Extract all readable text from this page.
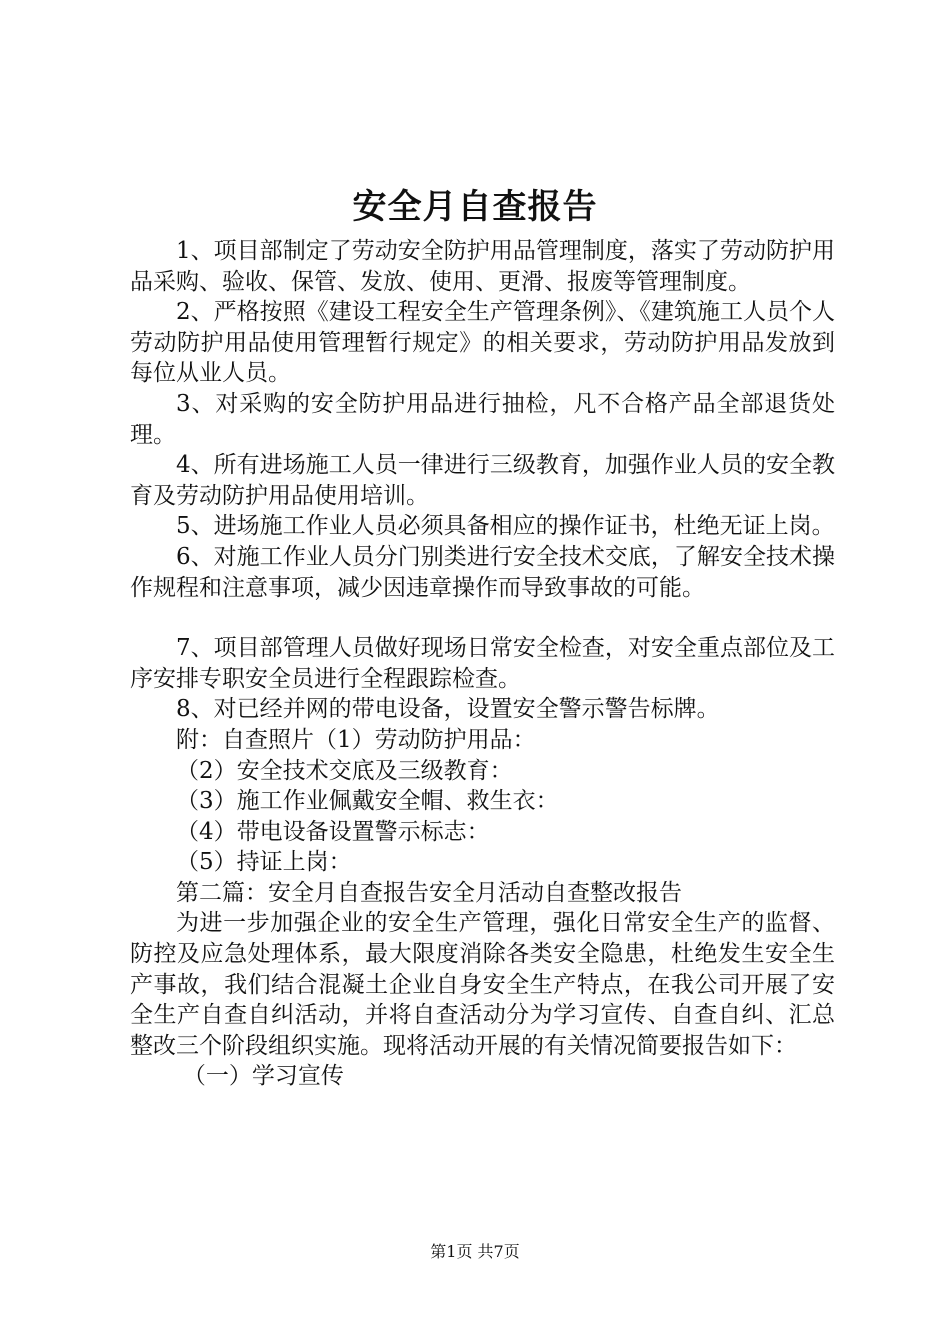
安全月自查报告

1、项目部制定了劳动安全防护用品管理制度，落实了劳动防护用品采购、验收、保管、发放、使用、更滑、报废等管理制度。

2、严格按照《建设工程安全生产管理条例》、《建筑施工人员个人劳动防护用品使用管理暂行规定》的相关要求，劳动防护用品发放到每位从业人员。

3、对采购的安全防护用品进行抽检，凡不合格产品全部退货处理。

4、所有进场施工人员一律进行三级教育，加强作业人员的安全教育及劳动防护用品使用培训。

5、进场施工作业人员必须具备相应的操作证书，杜绝无证上岗。

6、对施工作业人员分门别类进行安全技术交底，了解安全技术操作规程和注意事项，减少因违章操作而导致事故的可能。

7、项目部管理人员做好现场日常安全检查，对安全重点部位及工序安排专职安全员进行全程跟踪检查。

8、对已经并网的带电设备，设置安全警示警告标牌。

附：自查照片（1）劳动防护用品：

（2）安全技术交底及三级教育：

（3）施工作业佩戴安全帽、救生衣：

（4）带电设备设置警示标志：

（5）持证上岗：

第二篇：安全月自查报告安全月活动自查整改报告

为进一步加强企业的安全生产管理，强化日常安全生产的监督、防控及应急处理体系，最大限度消除各类安全隐患，杜绝发生安全生产事故，我们结合混凝土企业自身安全生产特点，在我公司开展了安全生产自查自纠活动，并将自查活动分为学习宣传、自查自纠、汇总整改三个阶段组织实施。现将活动开展的有关情况简要报告如下：

（一）学习宣传

第1页 共7页
